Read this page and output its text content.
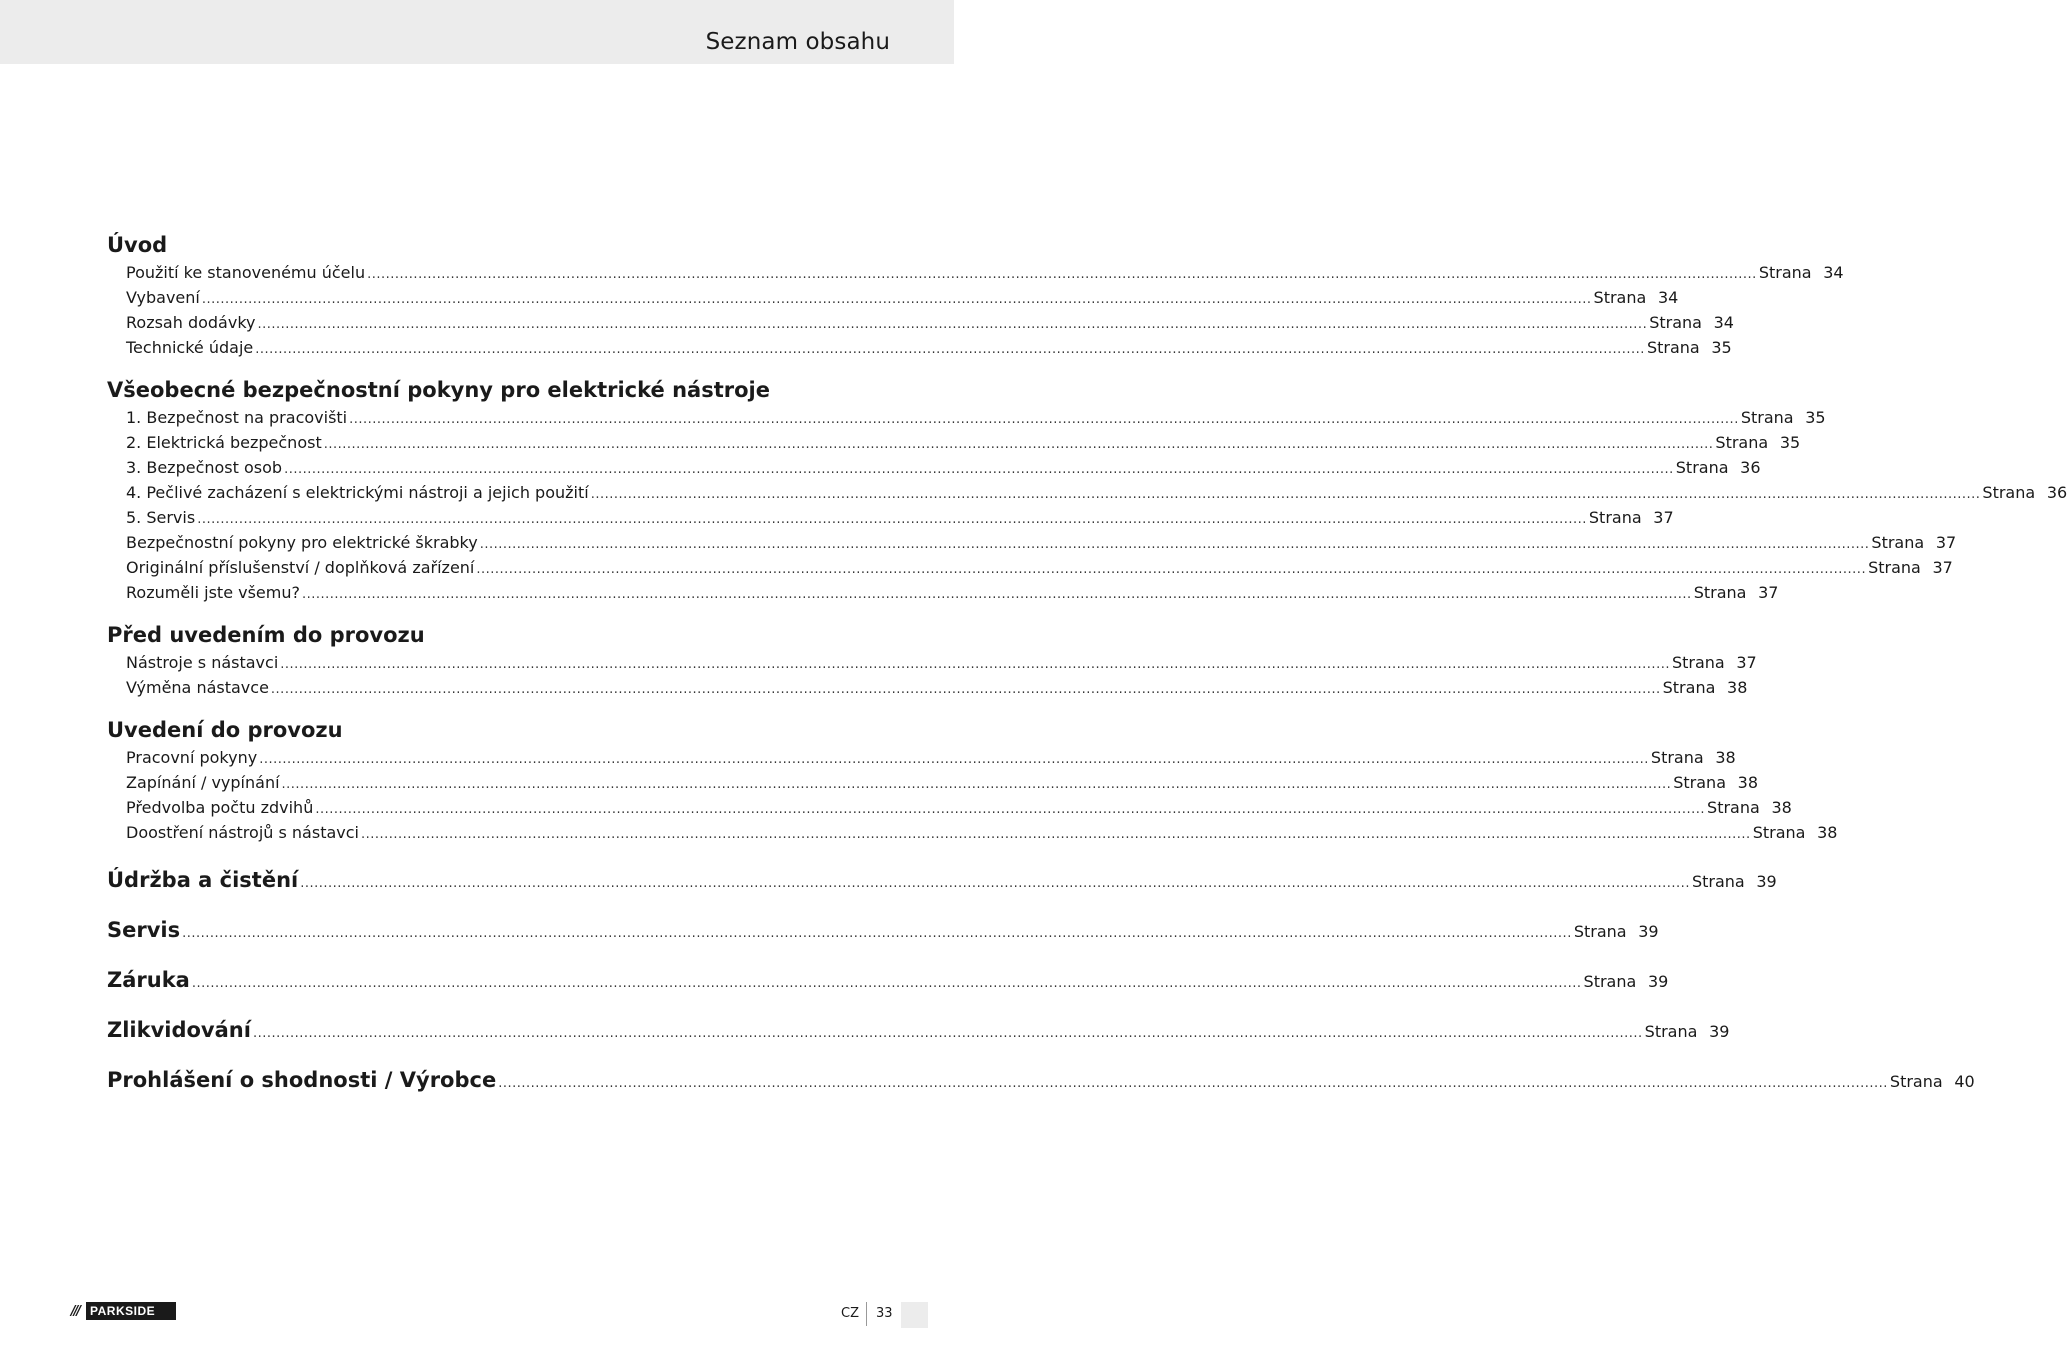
Seznam obsahu
Úvod
Použití ke stanovenému účelu ............................................................................................................................................................................................................................................................................................................ Strana 34
Vybavení ............................................................................................................................................................................................................................................................................................................ Strana 34
Rozsah dodávky ............................................................................................................................................................................................................................................................................................................ Strana 34
Technické údaje ............................................................................................................................................................................................................................................................................................................ Strana 35
Všeobecné bezpečnostní pokyny pro elektrické nástroje
1. Bezpečnost na pracovišti ............................................................................................................................................................................................................................................................................................................ Strana 35
2. Elektrická bezpečnost ............................................................................................................................................................................................................................................................................................................ Strana 35
3. Bezpečnost osob ............................................................................................................................................................................................................................................................................................................ Strana 36
4. Pečlivé zacházení s elektrickými nástroji a jejich použití ............................................................................................................................................................................................................................................................................................................ Strana 36
5. Servis ............................................................................................................................................................................................................................................................................................................ Strana 37
Bezpečnostní pokyny pro elektrické škrabky ............................................................................................................................................................................................................................................................................................................ Strana 37
Originální příslušenství / doplňková zařízení ............................................................................................................................................................................................................................................................................................................ Strana 37
Rozuměli jste všemu? ............................................................................................................................................................................................................................................................................................................ Strana 37
Před uvedením do provozu
Nástroje s nástavci ............................................................................................................................................................................................................................................................................................................ Strana 37
Výměna nástavce ............................................................................................................................................................................................................................................................................................................ Strana 38
Uvedení do provozu
Pracovní pokyny ............................................................................................................................................................................................................................................................................................................ Strana 38
Zapínání / vypínání ............................................................................................................................................................................................................................................................................................................ Strana 38
Předvolba počtu zdvihů ............................................................................................................................................................................................................................................................................................................ Strana 38
Doostření nástrojů s nástavci ............................................................................................................................................................................................................................................................................................................ Strana 38
Údržba a čistění ............................................................................................................................................................................................................................................................................................................ Strana 39
Servis ............................................................................................................................................................................................................................................................................................................ Strana 39
Záruka ............................................................................................................................................................................................................................................................................................................ Strana 39
Zlikvidování ............................................................................................................................................................................................................................................................................................................ Strana 39
Prohlášení o shodnosti / Výrobce ............................................................................................................................................................................................................................................................................................................ Strana 40
/// PARKSIDE	CZ 33
